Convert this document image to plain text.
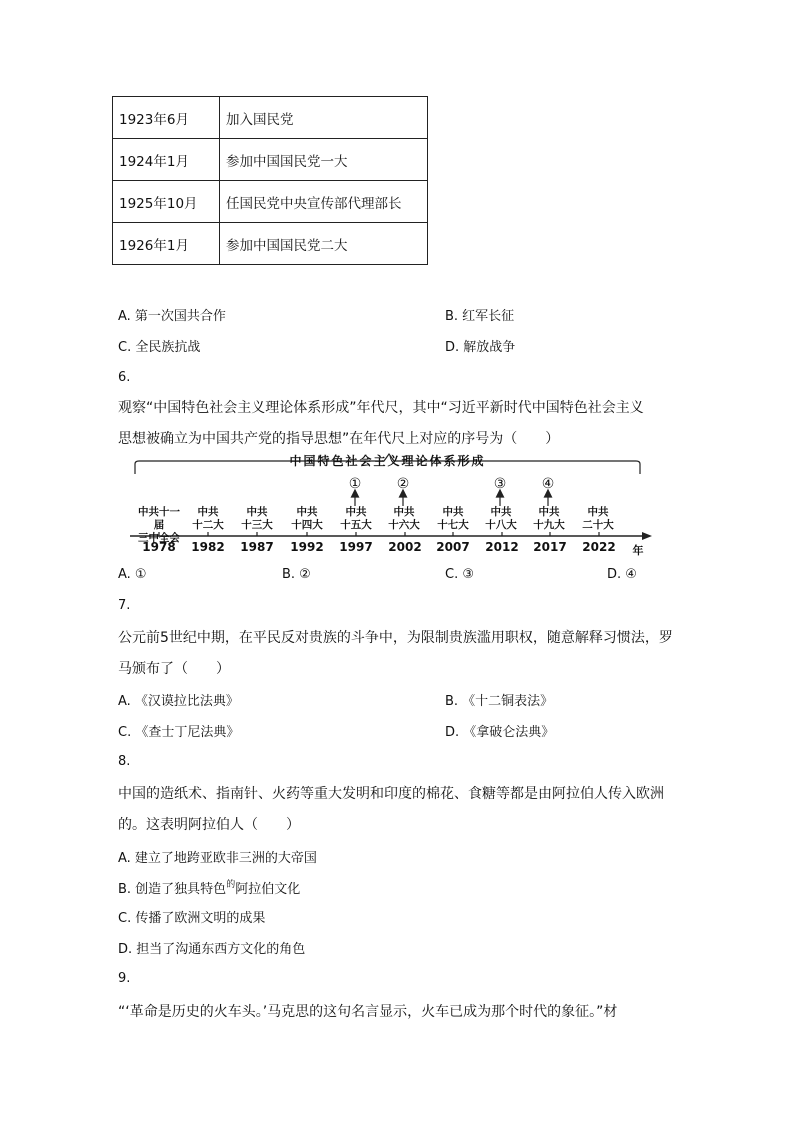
1923年6月	加入国民党
1924年1月	参加中国国民党一大
1925年10月	任国民党中央宣传部代理部长
1926年1月	参加中国国民党二大
A. 第一次国共合作	B. 红军长征
C. 全民族抗战	D. 解放战争
6.
观察“中国特色社会主义理论体系形成”年代尺，其中“习近平新时代中国特色社会主义
思想被确立为中国共产党的指导思想”在年代尺上对应的序号为（　　）
中国特色社会主义理论体系形成
①	②	③	④
中共十一届
三中全会
中共
十二大
中共
十三大
中共
十四大
中共
十五大
中共
十六大
中共
十七大
中共
十八大
中共
十九大
中共
二十大
1978	1982	1987	1992	1997	2002	2007	2012	2017	2022	年
A. ①	B. ②	C. ③	D. ④
7.
公元前5世纪中期，在平民反对贵族的斗争中，为限制贵族滥用职权，随意解释习惯法，罗
马颁布了（　　）
A. 《汉谟拉比法典》	B. 《十二铜表法》
C. 《查士丁尼法典》	D. 《拿破仑法典》
8.
中国的造纸术、指南针、火药等重大发明和印度的棉花、食糖等都是由阿拉伯人传入欧洲
的。这表明阿拉伯人（　　）
A. 建立了地跨亚欧非三洲的大帝国
B. 创造了独具特色$^的$阿拉伯文化
C. 传播了欧洲文明的成果
D. 担当了沟通东西方文化的角色
9.
“‘革命是历史的火车头。’马克思的这句名言显示，火车已成为那个时代的象征。”材
